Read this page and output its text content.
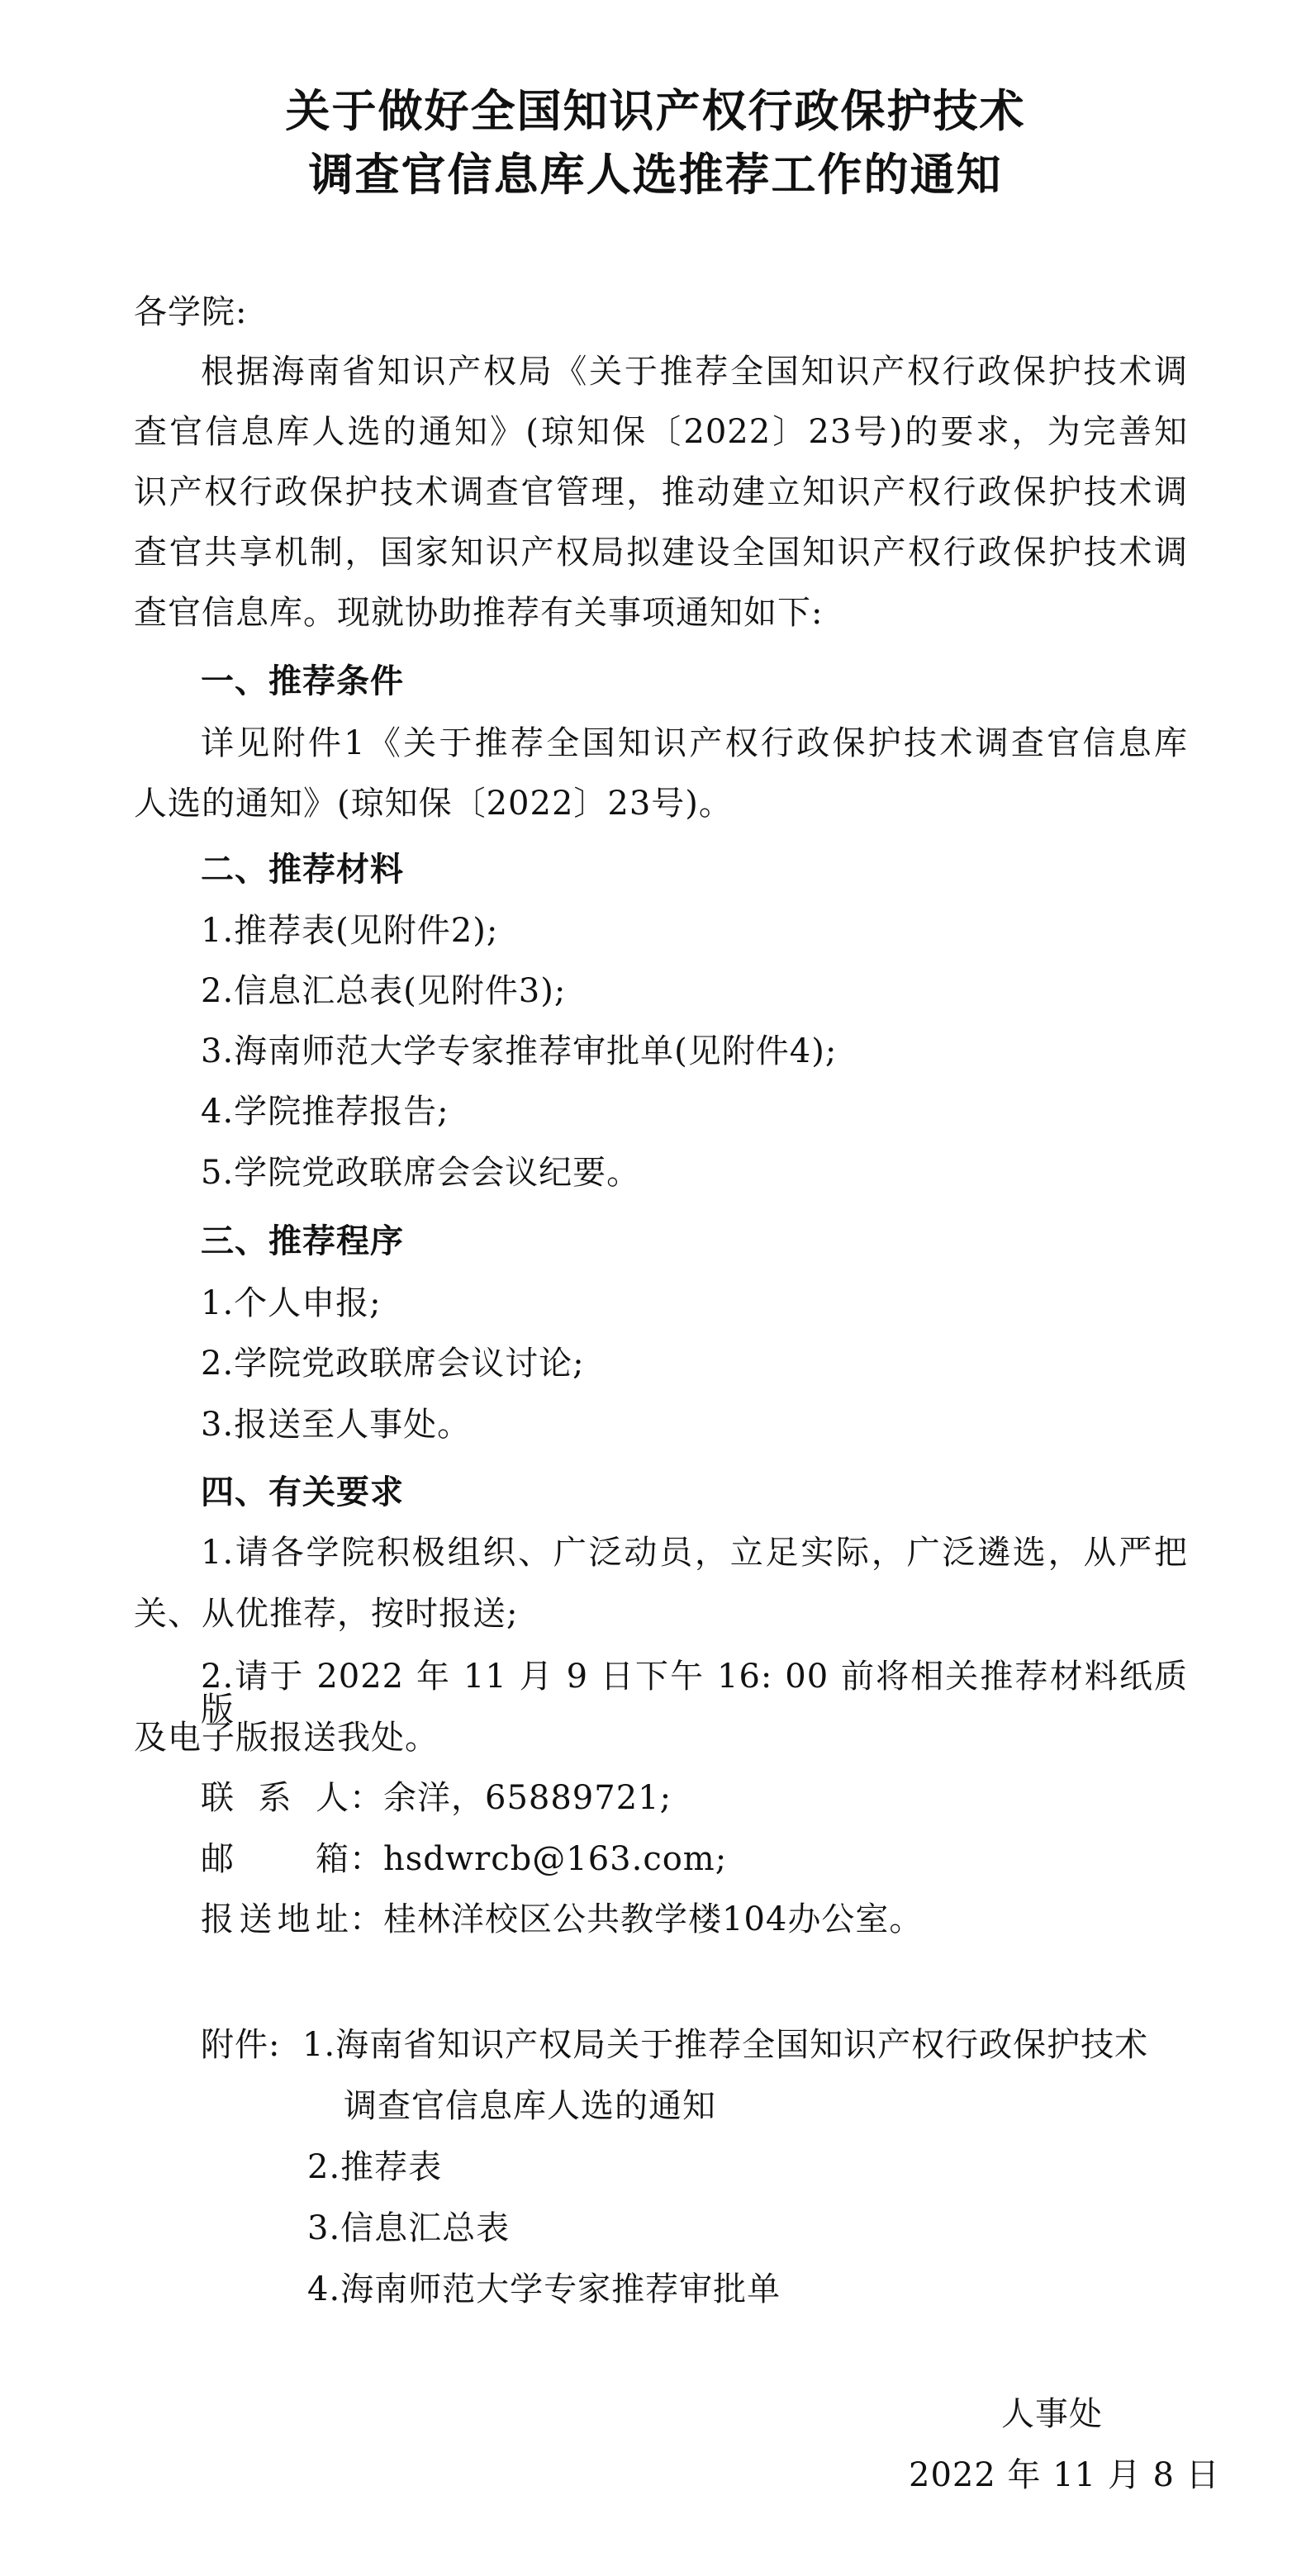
关于做好全国知识产权行政保护技术
调查官信息库人选推荐工作的通知
各学院:
根据海南省知识产权局《关于推荐全国知识产权行政保护技术调
查官信息库人选的通知》(琼知保〔2022〕23号)的要求，为完善知
识产权行政保护技术调查官管理，推动建立知识产权行政保护技术调
查官共享机制，国家知识产权局拟建设全国知识产权行政保护技术调
查官信息库。现就协助推荐有关事项通知如下:
一、推荐条件
详见附件1《关于推荐全国知识产权行政保护技术调查官信息库
人选的通知》(琼知保〔2022〕23号)。
二、推荐材料
1.推荐表(见附件2);
2.信息汇总表(见附件3);
3.海南师范大学专家推荐审批单(见附件4);
4.学院推荐报告;
5.学院党政联席会会议纪要。
三、推荐程序
1.个人申报;
2.学院党政联席会议讨论;
3.报送至人事处。
四、有关要求
1.请各学院积极组织、广泛动员，立足实际，广泛遴选，从严把
关、从优推荐，按时报送;
2.请于 2022 年 11 月 9 日下午 16: 00 前将相关推荐材料纸质版
及电子版报送我处。
联系人：余洋，65889721;
邮箱：hsdwrcb@163.com;
报送地址：桂林洋校区公共教学楼104办公室。
附件: 1.海南省知识产权局关于推荐全国知识产权行政保护技术
调查官信息库人选的通知
2.推荐表
3.信息汇总表
4.海南师范大学专家推荐审批单
人事处
2022 年 11 月 8 日
